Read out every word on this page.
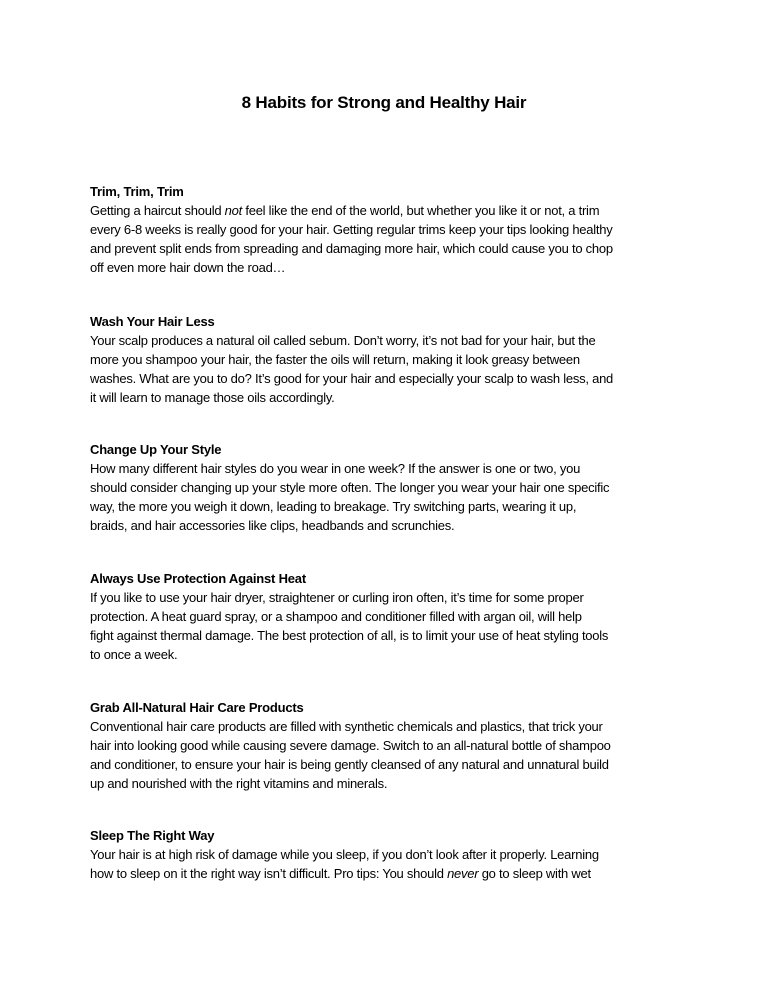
8 Habits for Strong and Healthy Hair

Trim, Trim, Trim

Getting a haircut should not feel like the end of the world, but whether you like it or not, a trim
every 6-8 weeks is really good for your hair. Getting regular trims keep your tips looking healthy
and prevent split ends from spreading and damaging more hair, which could cause you to chop
off even more hair down the road…

Wash Your Hair Less

Your scalp produces a natural oil called sebum. Don’t worry, it’s not bad for your hair, but the
more you shampoo your hair, the faster the oils will return, making it look greasy between
washes. What are you to do? It’s good for your hair and especially your scalp to wash less, and
it will learn to manage those oils accordingly.

Change Up Your Style

How many different hair styles do you wear in one week? If the answer is one or two, you
should consider changing up your style more often. The longer you wear your hair one specific
way, the more you weigh it down, leading to breakage. Try switching parts, wearing it up,
braids, and hair accessories like clips, headbands and scrunchies.

Always Use Protection Against Heat

If you like to use your hair dryer, straightener or curling iron often, it’s time for some proper
protection. A heat guard spray, or a shampoo and conditioner filled with argan oil, will help
fight against thermal damage. The best protection of all, is to limit your use of heat styling tools
to once a week.

Grab All-Natural Hair Care Products

Conventional hair care products are filled with synthetic chemicals and plastics, that trick your
hair into looking good while causing severe damage. Switch to an all-natural bottle of shampoo
and conditioner, to ensure your hair is being gently cleansed of any natural and unnatural build
up and nourished with the right vitamins and minerals.

Sleep The Right Way

Your hair is at high risk of damage while you sleep, if you don’t look after it properly. Learning
how to sleep on it the right way isn’t difficult. Pro tips: You should never go to sleep with wet
